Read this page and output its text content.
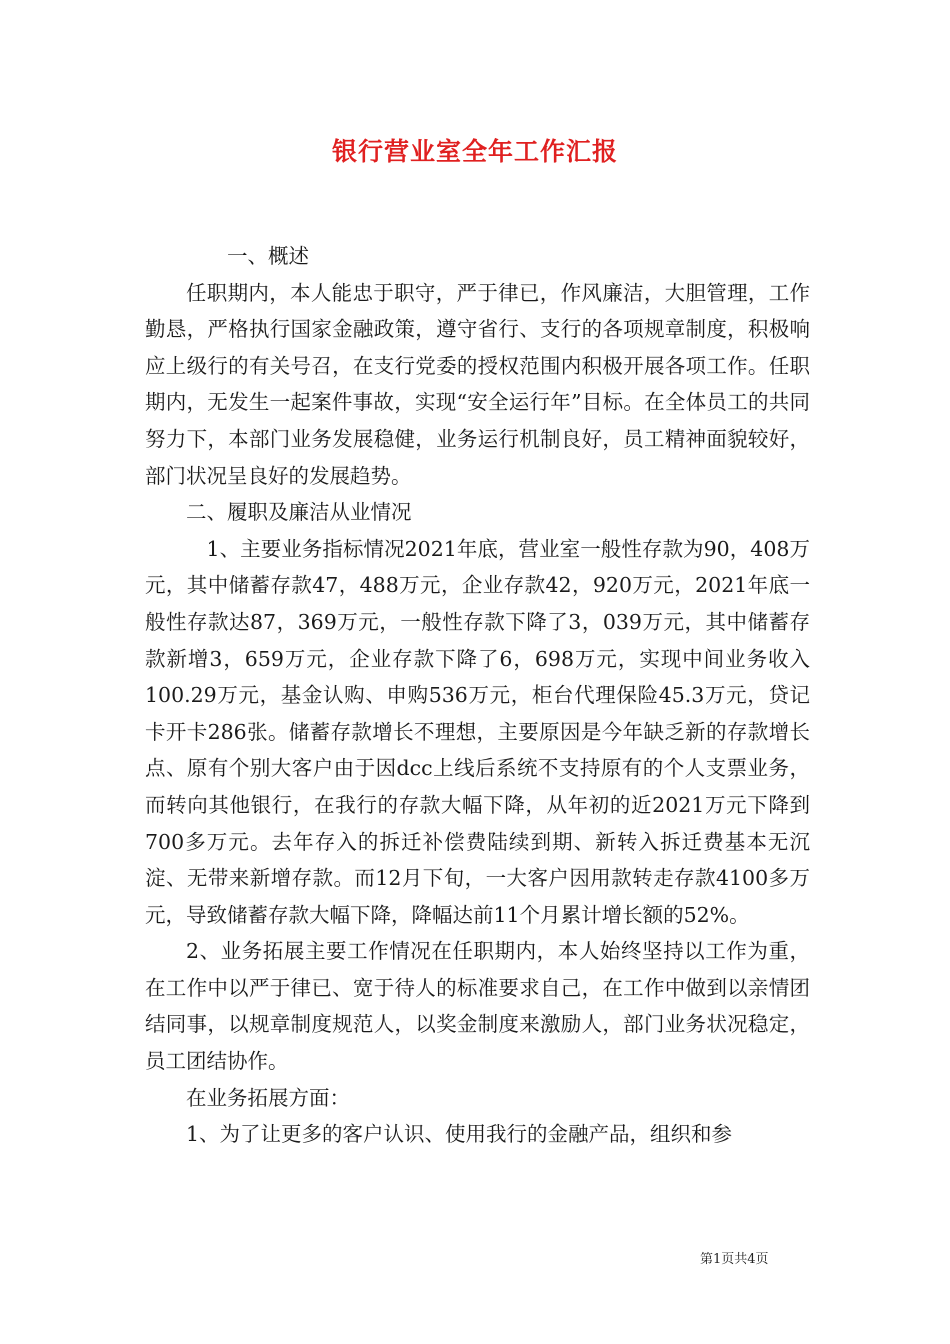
银行营业室全年工作汇报

一、概述

任职期内，本人能忠于职守，严于律已，作风廉洁，大胆管理，工作勤恳，严格执行国家金融政策，遵守省行、支行的各项规章制度，积极响应上级行的有关号召，在支行党委的授权范围内积极开展各项工作。任职期内，无发生一起案件事故，实现“安全运行年”目标。在全体员工的共同努力下，本部门业务发展稳健，业务运行机制良好，员工精神面貌较好，部门状况呈良好的发展趋势。

二、履职及廉洁从业情况

1、主要业务指标情况2021年底，营业室一般性存款为90，408万元，其中储蓄存款47，488万元，企业存款42，920万元，2021年底一般性存款达87，369万元，一般性存款下降了3，039万元，其中储蓄存款新增3，659万元，企业存款下降了6，698万元，实现中间业务收入100.29万元，基金认购、申购536万元，柜台代理保险45.3万元，贷记卡开卡286张。储蓄存款增长不理想，主要原因是今年缺乏新的存款增长点、原有个别大客户由于因dcc上线后系统不支持原有的个人支票业务，而转向其他银行，在我行的存款大幅下降，从年初的近2021万元下降到700多万元。去年存入的拆迁补偿费陆续到期、新转入拆迁费基本无沉淀、无带来新增存款。而12月下旬，一大客户因用款转走存款4100多万元，导致储蓄存款大幅下降，降幅达前11个月累计增长额的52%。

2、业务拓展主要工作情况在任职期内，本人始终坚持以工作为重，在工作中以严于律已、宽于待人的标准要求自己，在工作中做到以亲情团结同事，以规章制度规范人，以奖金制度来激励人，部门业务状况稳定，员工团结协作。

在业务拓展方面：

1、为了让更多的客户认识、使用我行的金融产品，组织和参

第1页共4页
